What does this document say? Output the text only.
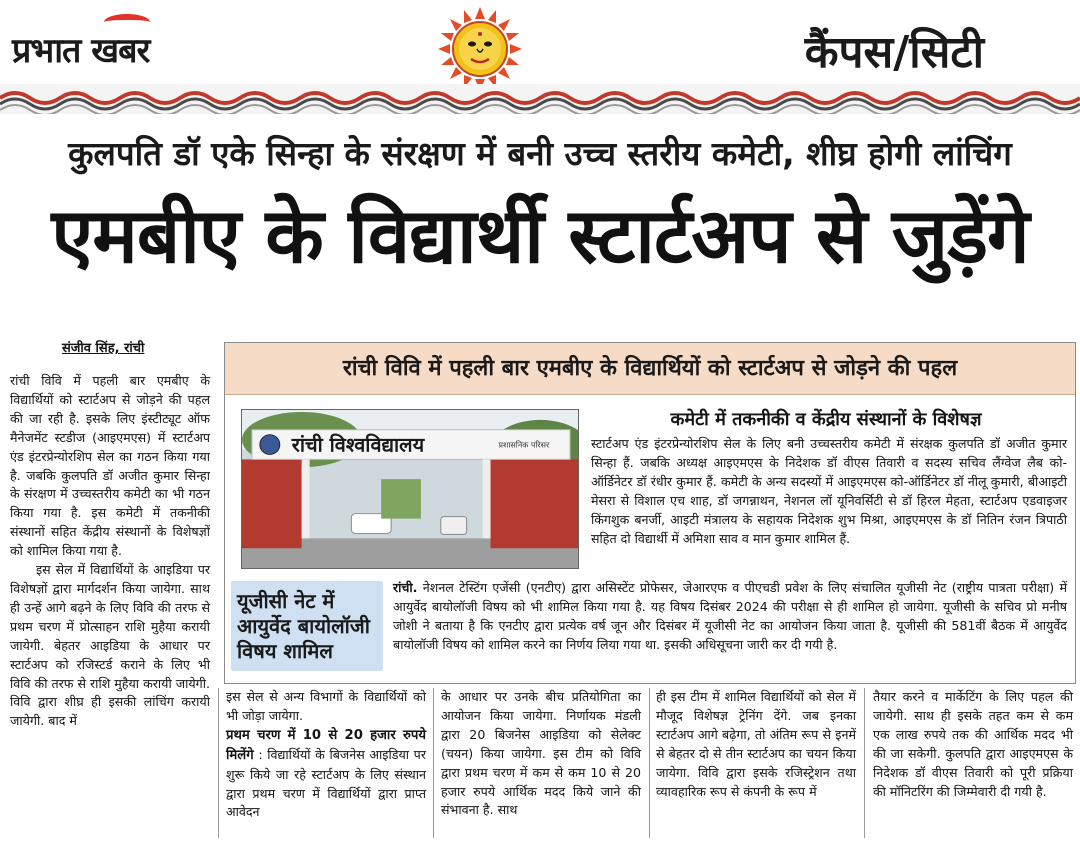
प्रभात खबर	कैंपस/सिटी
कुलपति डॉ एके सिन्हा के संरक्षण में बनी उच्च स्तरीय कमेटी, शीघ्र होगी लांचिंग
एमबीए के विद्यार्थी स्टार्टअप से जुड़ेंगे
संजीव सिंह, रांची

रांची विवि में पहली बार एमबीए के विद्यार्थियों को स्टार्टअप से जोड़ने की पहल की जा रही है. इसके लिए इंस्टीट्यूट ऑफ मैनेजमेंट स्टडीज (आइएमएस) में स्टार्टअप एंड इंटरप्रेन्योरशिप सेल का गठन किया गया है. जबकि कुलपति डॉ अजीत कुमार सिन्हा के संरक्षण में उच्चस्तरीय कमेटी का भी गठन किया गया है. इस कमेटी में तकनीकी संस्थानों सहित केंद्रीय संस्थानों के विशेषज्ञों को शामिल किया गया है.

इस सेल में विद्यार्थियों के आइडिया पर विशेषज्ञों द्वारा मार्गदर्शन किया जायेगा. साथ ही उन्हें आगे बढ़ने के लिए विवि की तरफ से प्रथम चरण में प्रोत्साहन राशि मुहैया करायी जायेगी. बेहतर आइडिया के आधार पर स्टार्टअप को रजिस्टर्ड कराने के लिए भी विवि की तरफ से राशि मुहैया करायी जायेगी. विवि द्वारा शीघ्र ही इसकी लांचिंग करायी जायेगी. बाद में

रांची विवि में पहली बार एमबीए के विद्यार्थियों को स्टार्टअप से जोड़ने की पहल
रांची विश्वविद्यालय	प्रशासनिक परिसर
कमेटी में तकनीकी व केंद्रीय संस्थानों के विशेषज्ञ
स्टार्टअप एंड इंटरप्रेन्योरशिप सेल के लिए बनी उच्चस्तरीय कमेटी में संरक्षक कुलपति डॉ अजीत कुमार सिन्हा हैं. जबकि अध्यक्ष आइएमएस के निदेशक डॉ वीएस तिवारी व सदस्य सचिव लैंग्वेज लैब को-ऑर्डिनेटर डॉ रंधीर कुमार हैं. कमेटी के अन्य सदस्यों में आइएमएस को-ऑर्डिनेटर डॉ नीलू कुमारी, बीआइटी मेसरा से विशाल एच शाह, डॉ जगन्नाथन, नेशनल लॉ यूनिवर्सिटी से डॉ हिरल मेहता, स्टार्टअप एडवाइजर किंगशुक बनर्जी, आइटी मंत्रालय के सहायक निदेशक शुभ मिश्रा, आइएमएस के डॉ नितिन रंजन त्रिपाठी सहित दो विद्यार्थी में अमिशा साव व मान कुमार शामिल हैं.
यूजीसी नेट में आयुर्वेद बायोलॉजी विषय शामिल
रांची. नेशनल टेस्टिंग एजेंसी (एनटीए) द्वारा असिस्टेंट प्रोफेसर, जेआरएफ व पीएचडी प्रवेश के लिए संचालित यूजीसी नेट (राष्ट्रीय पात्रता परीक्षा) में आयुर्वेद बायोलॉजी विषय को भी शामिल किया गया है. यह विषय दिसंबर 2024 की परीक्षा से ही शामिल हो जायेगा. यूजीसी के सचिव प्रो मनीष जोशी ने बताया है कि एनटीए द्वारा प्रत्येक वर्ष जून और दिसंबर में यूजीसी नेट का आयोजन किया जाता है. यूजीसी की 581वीं बैठक में आयुर्वेद बायोलॉजी विषय को शामिल करने का निर्णय लिया गया था. इसकी अधिसूचना जारी कर दी गयी है.

इस सेल से अन्य विभागों के विद्यार्थियों को भी जोड़ा जायेगा.

प्रथम चरण में 10 से 20 हजार रुपये मिलेंगे : विद्यार्थियों के बिजनेस आइडिया पर शुरू किये जा रहे स्टार्टअप के लिए संस्थान द्वारा प्रथम चरण में विद्यार्थियों द्वारा प्राप्त आवेदन

के आधार पर उनके बीच प्रतियोगिता का आयोजन किया जायेगा. निर्णायक मंडली द्वारा 20 बिजनेस आइडिया को सेलेक्ट (चयन) किया जायेगा. इस टीम को विवि द्वारा प्रथम चरण में कम से कम 10 से 20 हजार रुपये आर्थिक मदद किये जाने की संभावना है. साथ

ही इस टीम में शामिल विद्यार्थियों को सेल में मौजूद विशेषज्ञ ट्रेनिंग देंगे. जब इनका स्टार्टअप आगे बढ़ेगा, तो अंतिम रूप से इनमें से बेहतर दो से तीन स्टार्टअप का चयन किया जायेगा. विवि द्वारा इसके रजिस्ट्रेशन तथा व्यावहारिक रूप से कंपनी के रूप में

तैयार करने व मार्केटिंग के लिए पहल की जायेगी. साथ ही इसके तहत कम से कम एक लाख रुपये तक की आर्थिक मदद भी की जा सकेगी. कुलपति द्वारा आइएमएस के निदेशक डॉ वीएस तिवारी को पूरी प्रक्रिया की मॉनिटरिंग की जिम्मेवारी दी गयी है.
